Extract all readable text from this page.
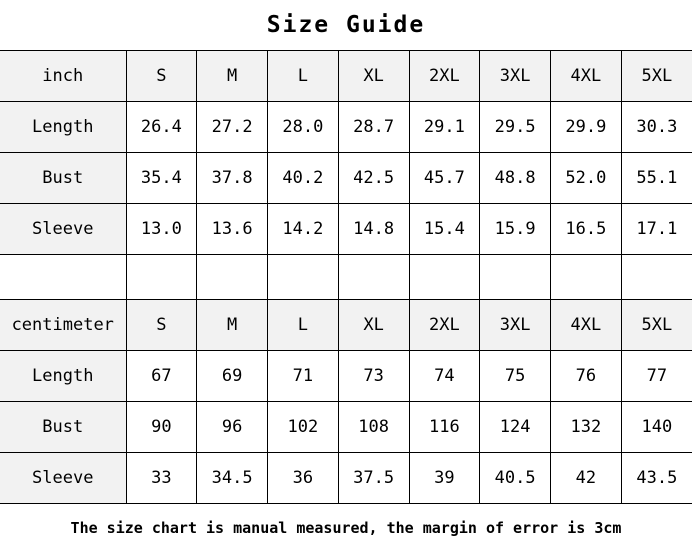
Size Guide
inch	S	M	L	XL	2XL	3XL	4XL	5XL
Length	26.4	27.2	28.0	28.7	29.1	29.5	29.9	30.3
Bust	35.4	37.8	40.2	42.5	45.7	48.8	52.0	55.1
Sleeve	13.0	13.6	14.2	14.8	15.4	15.9	16.5	17.1

centimeter	S	M	L	XL	2XL	3XL	4XL	5XL
Length	67	69	71	73	74	75	76	77
Bust	90	96	102	108	116	124	132	140
Sleeve	33	34.5	36	37.5	39	40.5	42	43.5
The size chart is manual measured, the margin of error is 3cm
